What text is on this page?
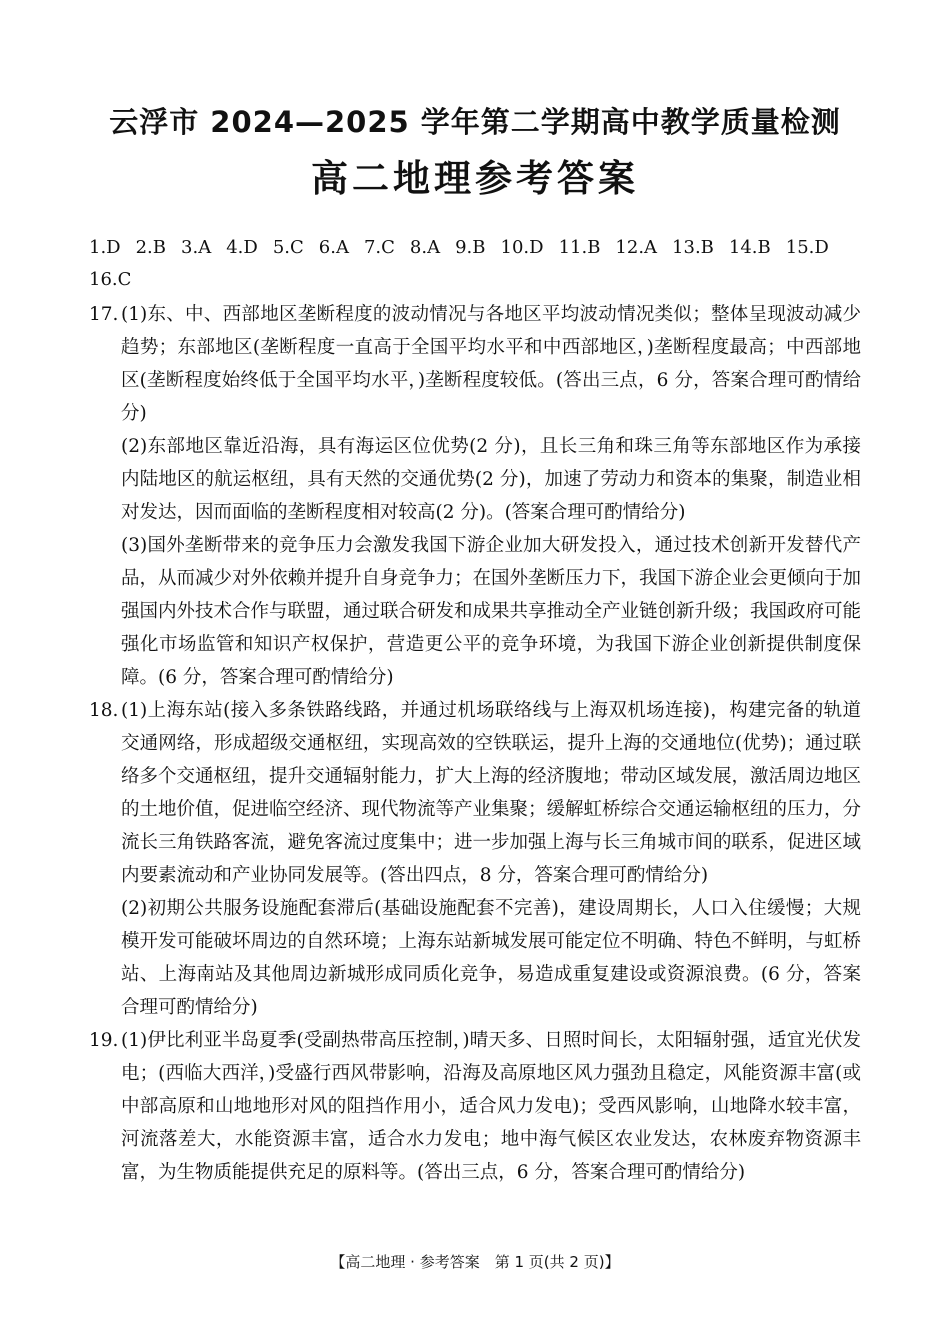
云浮市 2024—2025 学年第二学期高中教学质量检测
高二地理参考答案
1.D 2.B 3.A 4.D 5.C 6.A 7.C 8.A 9.B 10.D 11.B 12.A 13.B 14.B 15.D16.C
17. (1)东、中、西部地区垄断程度的波动情况与各地区平均波动情况类似；整体呈现波动减少趋势；东部地区(垄断程度一直高于全国平均水平和中西部地区，)垄断程度最高；中西部地区(垄断程度始终低于全国平均水平，)垄断程度较低。(答出三点，6 分，答案合理可酌情给分)

(2)东部地区靠近沿海，具有海运区位优势(2 分)，且长三角和珠三角等东部地区作为承接内陆地区的航运枢纽，具有天然的交通优势(2 分)，加速了劳动力和资本的集聚，制造业相对发达，因而面临的垄断程度相对较高(2 分)。(答案合理可酌情给分)

(3)国外垄断带来的竞争压力会激发我国下游企业加大研发投入，通过技术创新开发替代产品，从而减少对外依赖并提升自身竞争力；在国外垄断压力下，我国下游企业会更倾向于加强国内外技术合作与联盟，通过联合研发和成果共享推动全产业链创新升级；我国政府可能强化市场监管和知识产权保护，营造更公平的竞争环境，为我国下游企业创新提供制度保障。(6 分，答案合理可酌情给分)

18. (1)上海东站(接入多条铁路线路，并通过机场联络线与上海双机场连接)，构建完备的轨道交通网络，形成超级交通枢纽，实现高效的空铁联运，提升上海的交通地位(优势)；通过联络多个交通枢纽，提升交通辐射能力，扩大上海的经济腹地；带动区域发展，激活周边地区的土地价值，促进临空经济、现代物流等产业集聚；缓解虹桥综合交通运输枢纽的压力，分流长三角铁路客流，避免客流过度集中；进一步加强上海与长三角城市间的联系，促进区域内要素流动和产业协同发展等。(答出四点，8 分，答案合理可酌情给分)

(2)初期公共服务设施配套滞后(基础设施配套不完善)，建设周期长，人口入住缓慢；大规模开发可能破坏周边的自然环境；上海东站新城发展可能定位不明确、特色不鲜明，与虹桥站、上海南站及其他周边新城形成同质化竞争，易造成重复建设或资源浪费。(6 分，答案合理可酌情给分)

19. (1)伊比利亚半岛夏季(受副热带高压控制，)晴天多、日照时间长，太阳辐射强，适宜光伏发电；(西临大西洋，)受盛行西风带影响，沿海及高原地区风力强劲且稳定，风能资源丰富(或中部高原和山地地形对风的阻挡作用小，适合风力发电)；受西风影响，山地降水较丰富，河流落差大，水能资源丰富，适合水力发电；地中海气候区农业发达，农林废弃物资源丰富，为生物质能提供充足的原料等。(答出三点，6 分，答案合理可酌情给分)

【高二地理 · 参考答案　第 1 页(共 2 页)】
